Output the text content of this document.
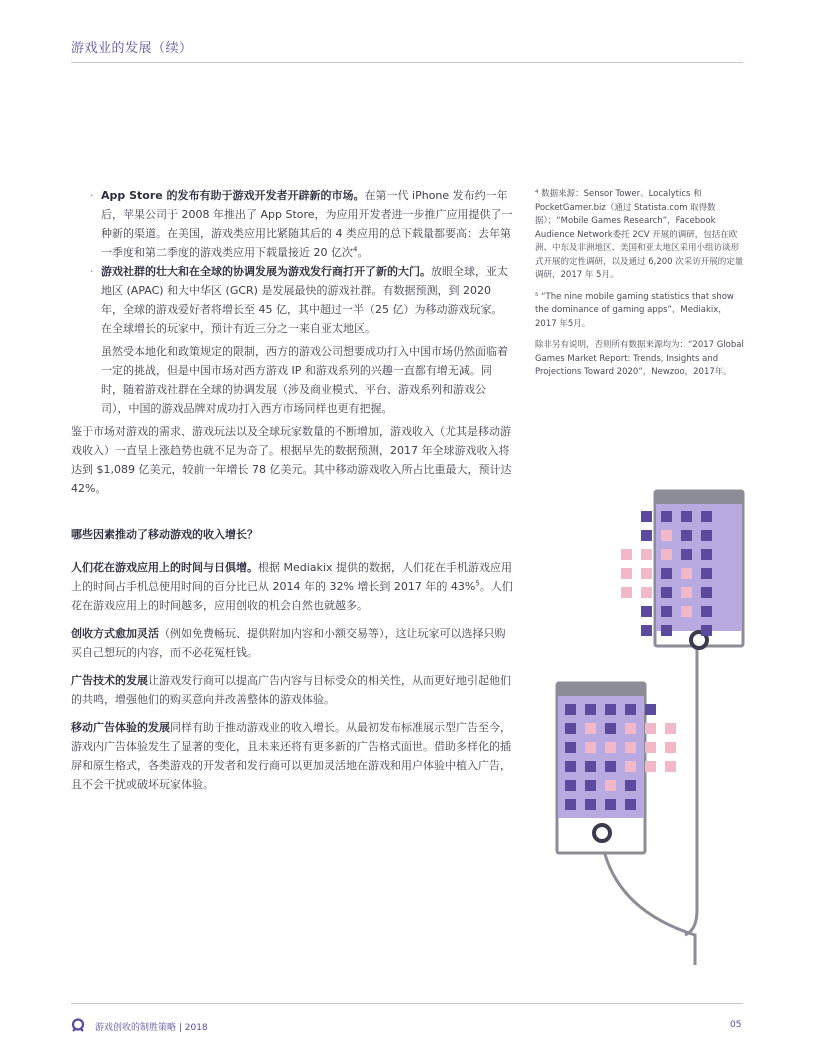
游戏业的发展（续）
· App Store 的发布有助于游戏开发者开辟新的市场。在第一代 iPhone 发布约一年后，苹果公司于 2008 年推出了 App Store，为应用开发者进一步推广应用提供了一种新的渠道。在美国，游戏类应用比紧随其后的 4 类应用的总下载量都要高：去年第一季度和第二季度的游戏类应用下载量接近 20 亿次$^4$。
· 游戏社群的壮大和在全球的协调发展为游戏发行商打开了新的大门。放眼全球，亚太地区 (APAC) 和大中华区 (GCR) 是发展最快的游戏社群。有数据预测，到 2020 年，全球的游戏爱好者将增长至 45 亿，其中超过一半（25 亿）为移动游戏玩家。在全球增长的玩家中，预计有近三分之一来自亚太地区。
虽然受本地化和政策规定的限制，西方的游戏公司想要成功打入中国市场仍然面临着一定的挑战，但是中国市场对西方游戏 IP 和游戏系列的兴趣一直都有增无减。同时，随着游戏社群在全球的协调发展（涉及商业模式、平台、游戏系列和游戏公司），中国的游戏品牌对成功打入西方市场同样也更有把握。
鉴于市场对游戏的需求、游戏玩法以及全球玩家数量的不断增加，游戏收入（尤其是移动游戏收入）一直呈上涨趋势也就不足为奇了。根据早先的数据预测，2017 年全球游戏收入将达到 $1,089 亿美元，较前一年增长 78 亿美元。其中移动游戏收入所占比重最大，预计达 42%。
哪些因素推动了移动游戏的收入增长？
人们花在游戏应用上的时间与日俱增。根据 Mediakix 提供的数据，人们花在手机游戏应用上的时间占手机总使用时间的百分比已从 2014 年的 32% 增长到 2017 年的 43%$^5$。人们花在游戏应用上的时间越多，应用创收的机会自然也就越多。
创收方式愈加灵活（例如免费畅玩、提供附加内容和小额交易等），这让玩家可以选择只购买自己想玩的内容，而不必花冤枉钱。
广告技术的发展让游戏发行商可以提高广告内容与目标受众的相关性，从而更好地引起他们的共鸣，增强他们的购买意向并改善整体的游戏体验。
移动广告体验的发展同样有助于推动游戏业的收入增长。从最初发布标准展示型广告至今，游戏内广告体验发生了显著的变化，且未来还将有更多新的广告格式面世。借助多样化的插屏和原生格式，各类游戏的开发者和发行商可以更加灵活地在游戏和用户体验中植入广告，且不会干扰或破坏玩家体验。
⁴ 数据来源：Sensor Tower、Localytics 和 PocketGamer.biz（通过 Statista.com 取得数据）；“Mobile Games Research”，Facebook Audience Network委托 2CV 开展的调研，包括在欧洲、中东及非洲地区、美国和亚太地区采用小组访谈形式开展的定性调研，以及通过 6,200 次采访开展的定量调研，2017 年 5月。
⁵ “The nine mobile gaming statistics that show the dominance of gaming apps”，Mediakix，2017 年5月。
除非另有说明，否则所有数据来源均为：“2017 Global Games Market Report: Trends, Insights and Projections Toward 2020”，Newzoo，2017年。
游戏创收的制胜策略 | 2018	05
